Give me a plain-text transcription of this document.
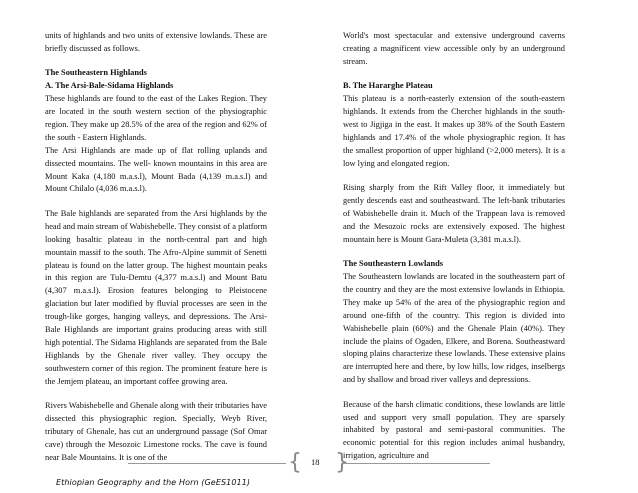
units of highlands and two units of extensive lowlands. These are briefly discussed as follows.

The Southeastern Highlands
A. The Arsi-Bale-Sidama Highlands

These highlands are found to the east of the Lakes Region. They are located in the south western section of the physiographic region. They make up 28.5% of the area of the region and 62% of the south - Eastern Highlands.

The Arsi Highlands are made up of flat rolling uplands and dissected mountains. The well- known mountains in this area are Mount Kaka (4,180 m.a.s.l), Mount Bada (4,139 m.a.s.l) and Mount Chilalo (4,036 m.a.s.l).

The Bale highlands are separated from the Arsi highlands by the head and main stream of Wabishebelle. They consist of a platform looking basaltic plateau in the north-central part and high mountain massif to the south. The Afro-Alpine summit of Senetti plateau is found on the latter group. The highest mountain peaks in this region are Tulu-Demtu (4,377 m.a.s.l) and Mount Batu (4,307 m.a.s.l). Erosion features belonging to Pleistocene glaciation but later modified by fluvial processes are seen in the trough-like gorges, hanging valleys, and depressions. The Arsi-Bale Highlands are important grains producing areas with still high potential. The Sidama Highlands are separated from the Bale Highlands by the Ghenale river valley. They occupy the southwestern corner of this region. The prominent feature here is the Jemjem plateau, an important coffee growing area.

Rivers Wabishebelle and Ghenale along with their tributaries have dissected this physiographic region. Specially, Weyb River, tributary of Ghenale, has cut an underground passage (Sof Omar cave) through the Mesozoic Limestone rocks. The cave is found near Bale Mountains. It is one of the

World's most spectacular and extensive underground caverns creating a magnificent view accessible only by an underground stream.

B. The Hararghe Plateau

This plateau is a north-easterly extension of the south-eastern highlands. It extends from the Chercher highlands in the south-west to Jigjiga in the east. It makes up 38% of the South Eastern highlands and 17.4% of the whole physiographic region. It has the smallest proportion of upper highland (>2,000 meters). It is a low lying and elongated region.

Rising sharply from the Rift Valley floor, it immediately but gently descends east and southeastward. The left-bank tributaries of Wabishebelle drain it. Much of the Trappean lava is removed and the Mesozoic rocks are extensively exposed. The highest mountain here is Mount Gara-Muleta (3,381 m.a.s.l).

The Southeastern Lowlands

The Southeastern lowlands are located in the southeastern part of the country and they are the most extensive lowlands in Ethiopia. They make up 54% of the area of the physiographic region and around one-fifth of the country. This region is divided into Wabishebelle plain (60%) and the Ghenale Plain (40%). They include the plains of Ogaden, Elkere, and Borena. Southeastward sloping plains characterize these lowlands. These extensive plains are interrupted here and there, by low hills, low ridges, inselbergs and by shallow and broad river valleys and depressions.

Because of the harsh climatic conditions, these lowlands are little used and support very small population. They are sparsely inhabited by pastoral and semi-pastoral communities. The economic potential for this region includes animal husbandry, irrigation, agriculture and

{ 18 }
Ethiopian Geography and the Horn (GeES1011)
